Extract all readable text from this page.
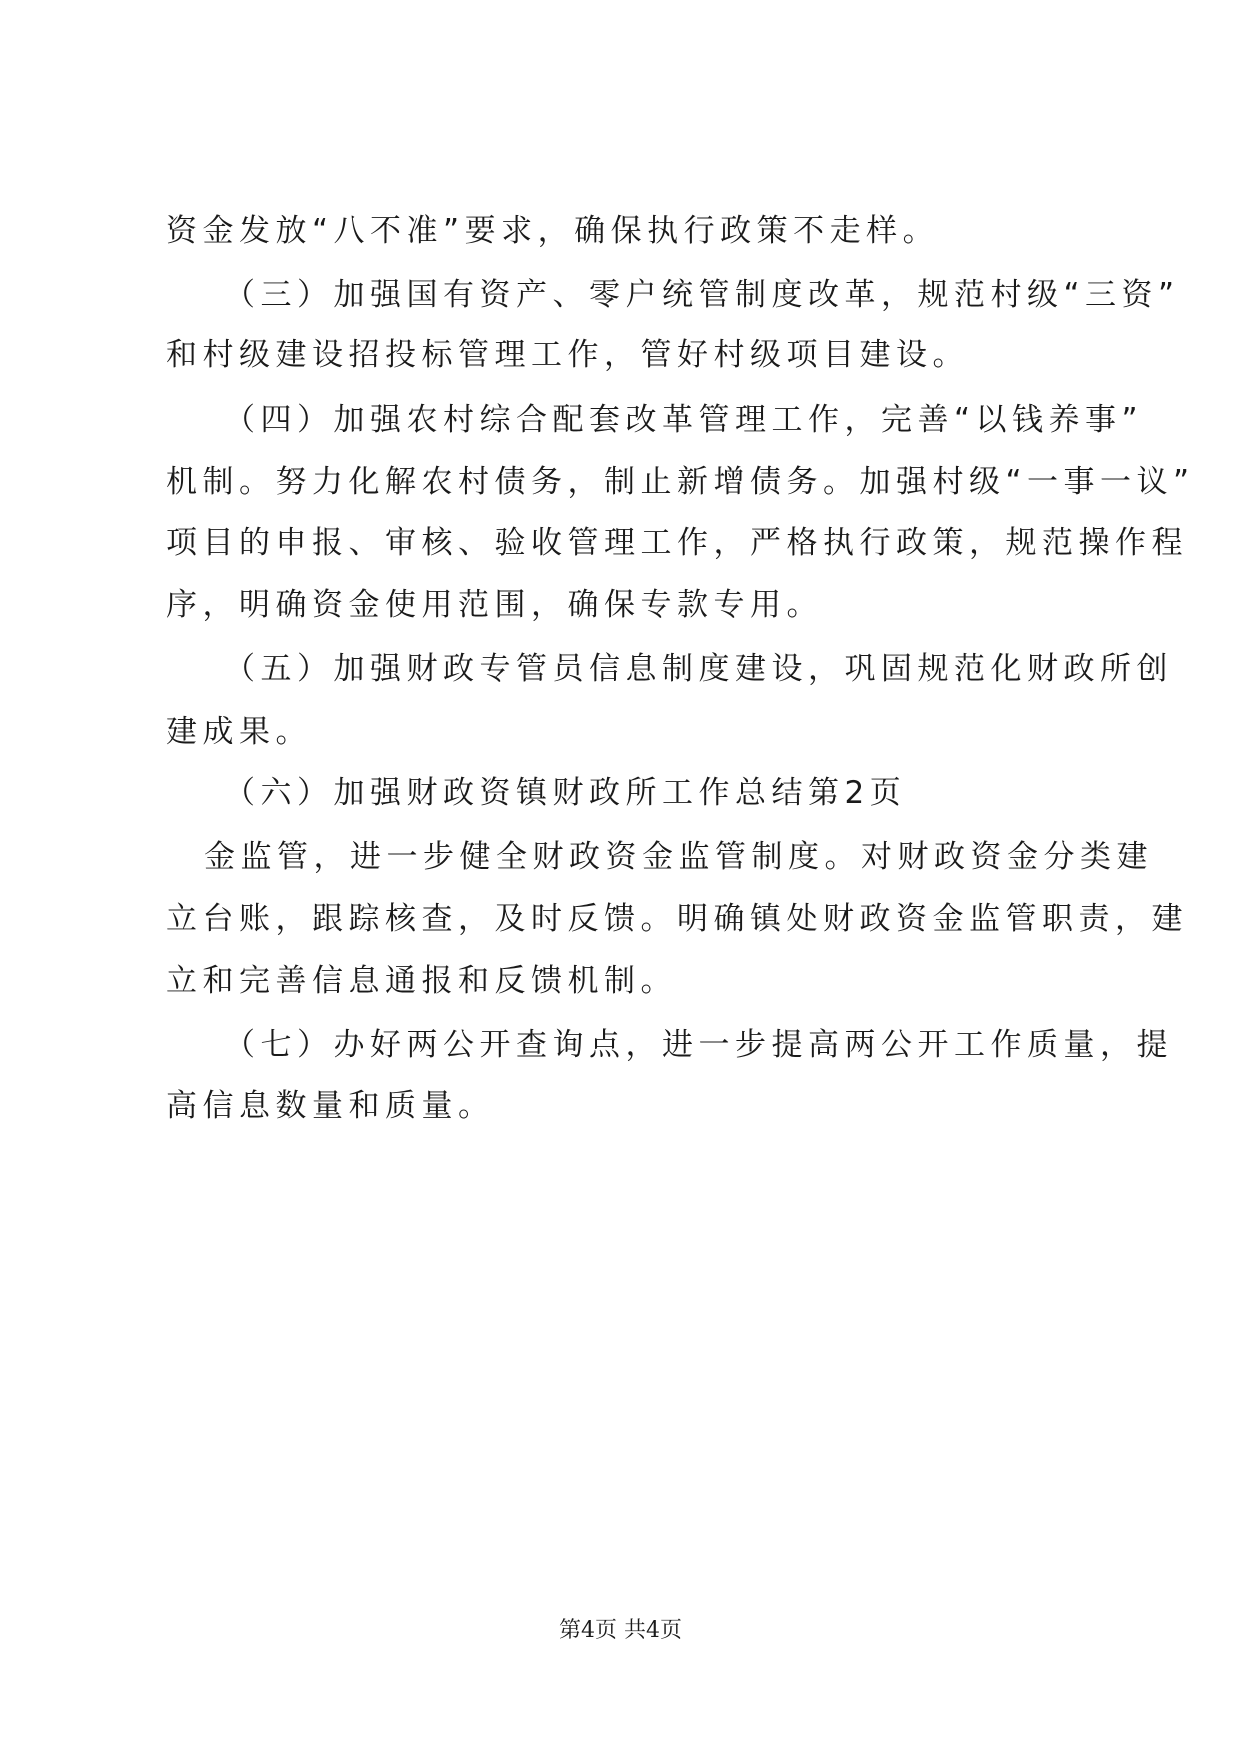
资金发放“八不准”要求，确保执行政策不走样。
（三）加强国有资产、零户统管制度改革，规范村级“三资”
和村级建设招投标管理工作，管好村级项目建设。
（四）加强农村综合配套改革管理工作，完善“以钱养事”
机制。努力化解农村债务，制止新增债务。加强村级“一事一议”
项目的申报、审核、验收管理工作，严格执行政策，规范操作程
序，明确资金使用范围，确保专款专用。
（五）加强财政专管员信息制度建设，巩固规范化财政所创
建成果。
（六）加强财政资镇财政所工作总结第2页
金监管，进一步健全财政资金监管制度。对财政资金分类建
立台账，跟踪核查，及时反馈。明确镇处财政资金监管职责，建
立和完善信息通报和反馈机制。
（七）办好两公开查询点，进一步提高两公开工作质量，提
高信息数量和质量。
第4页 共4页
